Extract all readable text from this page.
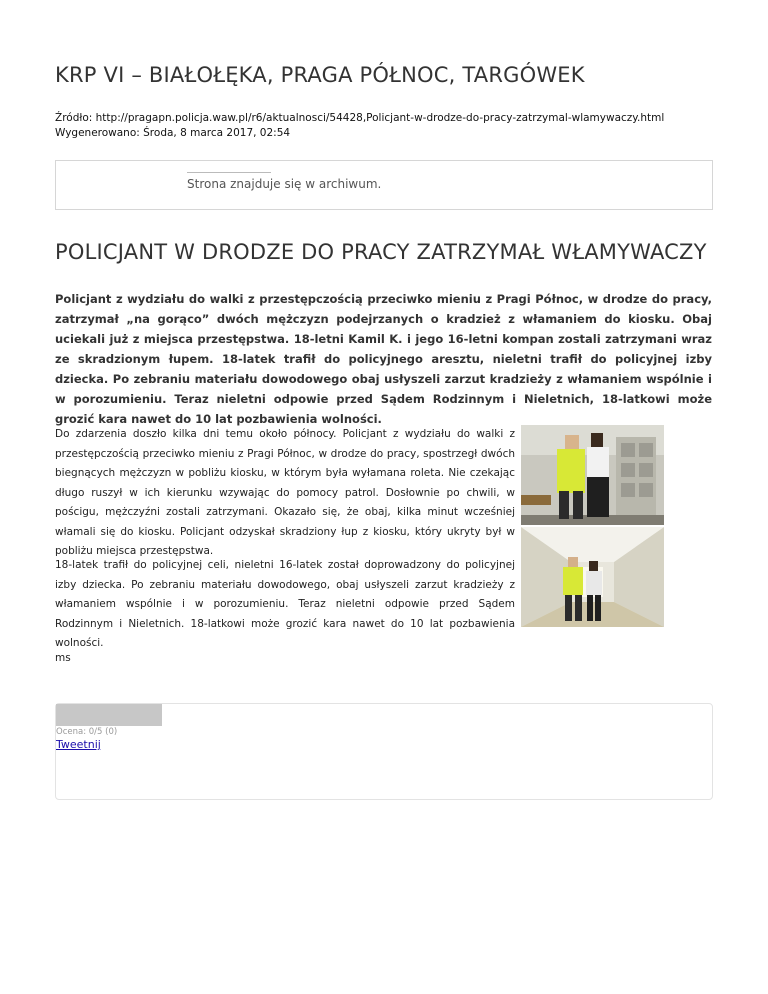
KRP VI – BIAŁOŁĘKA, PRAGA PÓŁNOC, TARGÓWEK
Źródło: http://pragapn.policja.waw.pl/r6/aktualnosci/54428,Policjant-w-drodze-do-pracy-zatrzymal-wlamywaczy.html
Wygenerowano: Środa, 8 marca 2017, 02:54
Strona znajduje się w archiwum.
POLICJANT W DRODZE DO PRACY ZATRZYMAŁ WŁAMYWACZY

Policjant z wydziału do walki z przestępczością przeciwko mieniu z Pragi Północ, w drodze do pracy, zatrzymał „na gorąco” dwóch mężczyzn podejrzanych o kradzież z włamaniem do kiosku. Obaj uciekali już z miejsca przestępstwa. 18-letni Kamil K. i jego 16-letni kompan zostali zatrzymani wraz ze skradzionym łupem. 18-latek trafił do policyjnego aresztu, nieletni trafił do policyjnej izby dziecka. Po zebraniu materiału dowodowego obaj usłyszeli zarzut kradzieży z włamaniem wspólnie i w porozumieniu. Teraz nieletni odpowie przed Sądem Rodzinnym i Nieletnich, 18-latkowi może grozić kara nawet do 10 lat pozbawienia wolności.

Do zdarzenia doszło kilka dni temu około północy. Policjant z wydziału do walki z przestępczością przeciwko mieniu z Pragi Północ, w drodze do pracy, spostrzegł dwóch biegnących mężczyzn w pobliżu kiosku, w którym była wyłamana roleta. Nie czekając długo ruszył w ich kierunku wzywając do pomocy patrol. Dosłownie po chwili, w pościgu, mężczyźni zostali zatrzymani. Okazało się, że obaj, kilka minut wcześniej włamali się do kiosku. Policjant odzyskał skradziony łup z kiosku, który ukryty był w pobliżu miejsca przestępstwa.

18-latek trafił do policyjnej celi, nieletni 16-latek został doprowadzony do policyjnej izby dziecka. Po zebraniu materiału dowodowego, obaj usłyszeli zarzut kradzieży z włamaniem wspólnie i w porozumieniu. Teraz nieletni odpowie przed Sądem Rodzinnym i Nieletnich. 18-latkowi może grozić kara nawet do 10 lat pozbawienia wolności.

ms
Ocena: 0/5 (0)
Tweetnij
